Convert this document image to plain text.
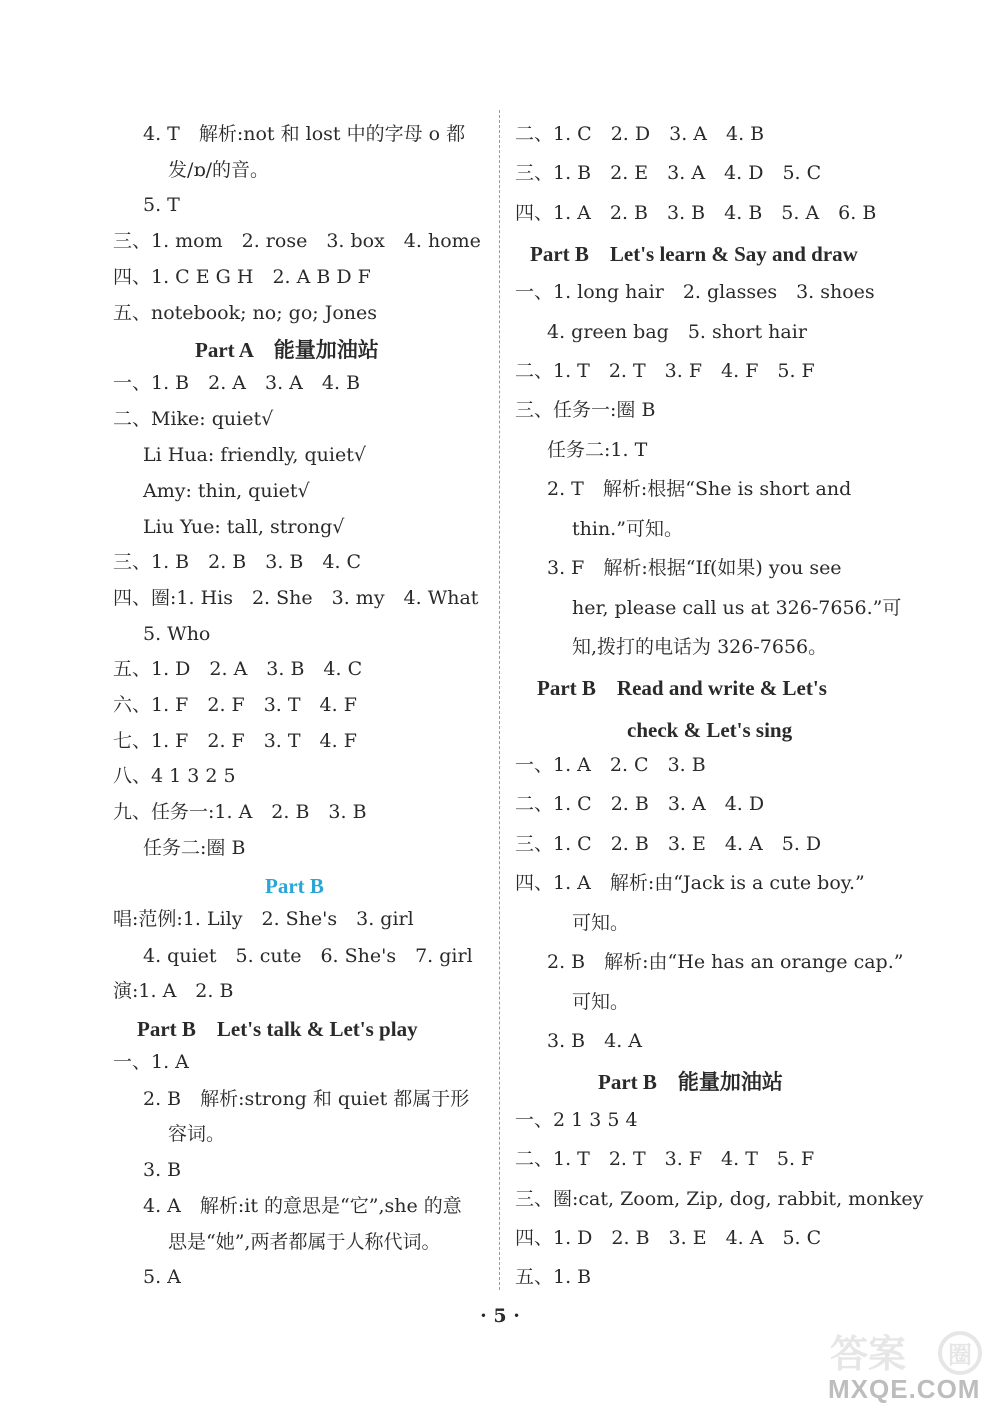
4. T　解析:not 和 lost 中的字母 o 都
发/ɒ/的音。
5. T
三、1. mom　2. rose　3. box　4. home
四、1. C E G H　2. A B D F
五、notebook; no; go; Jones
Part A　能量加油站
一、1. B　2. A　3. A　4. B
二、Mike: quiet√
Li Hua: friendly, quiet√
Amy: thin, quiet√
Liu Yue: tall, strong√
三、1. B　2. B　3. B　4. C
四、圈:1. His　2. She　3. my　4. What
5. Who
五、1. D　2. A　3. B　4. C
六、1. F　2. F　3. T　4. F
七、1. F　2. F　3. T　4. F
八、4 1 3 2 5
九、任务一:1. A　2. B　3. B
任务二:圈 B
Part B
唱:范例:1. Lily　2. She's　3. girl
4. quiet　5. cute　6. She's　7. girl
演:1. A　2. B
Part B　Let's talk & Let's play
一、1. A
2. B　解析:strong 和 quiet 都属于形
容词。
3. B
4. A　解析:it 的意思是“它”,she 的意
思是“她”,两者都属于人称代词。
5. A
二、1. C　2. D　3. A　4. B
三、1. B　2. E　3. A　4. D　5. C
四、1. A　2. B　3. B　4. B　5. A　6. B
Part B　Let's learn & Say and draw
一、1. long hair　2. glasses　3. shoes
4. green bag　5. short hair
二、1. T　2. T　3. F　4. F　5. F
三、任务一:圈 B
任务二:1. T
2. T　解析:根据“She is short and
thin.”可知。
3. F　解析:根据“If(如果) you see
her, please call us at 326-7656.”可
知,拨打的电话为 326-7656。
Part B　Read and write & Let's
check & Let's sing
一、1. A　2. C　3. B
二、1. C　2. B　3. A　4. D
三、1. C　2. B　3. E　4. A　5. D
四、1. A　解析:由“Jack is a cute boy.”
可知。
2. B　解析:由“He has an orange cap.”
可知。
3. B　4. A
Part B　能量加油站
一、2 1 3 5 4
二、1. T　2. T　3. F　4. T　5. F
三、圈:cat, Zoom, Zip, dog, rabbit, monkey
四、1. D　2. B　3. E　4. A　5. C
五、1. B
· 5 ·
答案 圈
MXQE.COM
